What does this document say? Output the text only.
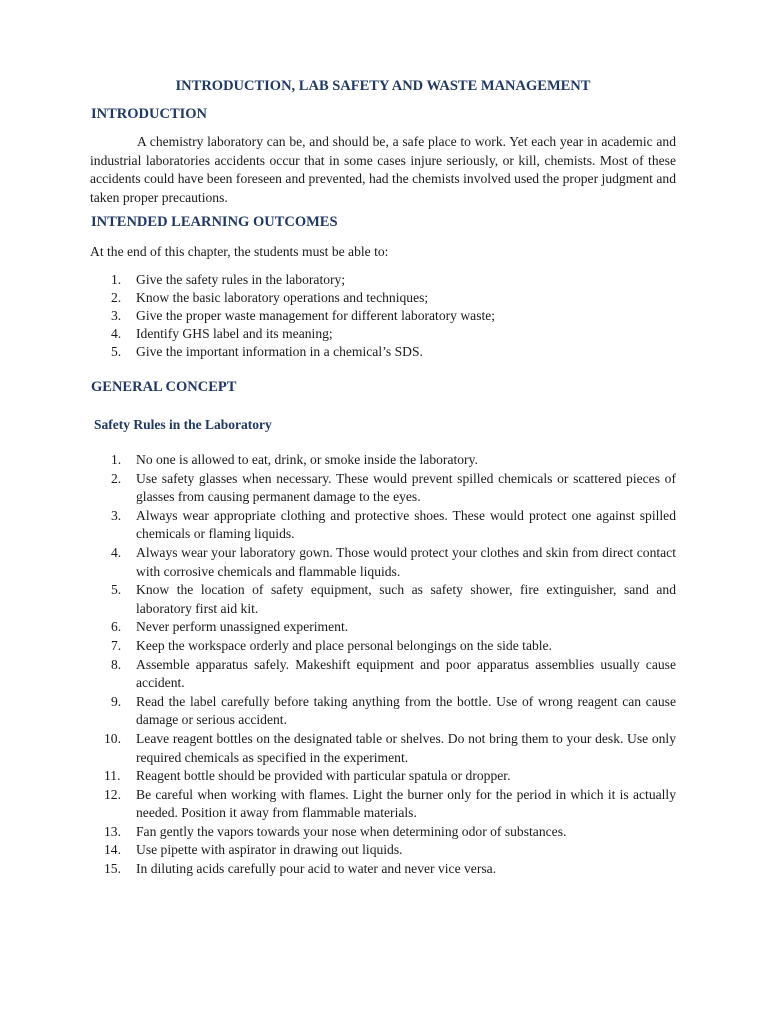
INTRODUCTION, LAB SAFETY AND WASTE MANAGEMENT
INTRODUCTION
A chemistry laboratory can be, and should be, a safe place to work. Yet each year in academic and industrial laboratories accidents occur that in some cases injure seriously, or kill, chemists. Most of these accidents could have been foreseen and prevented, had the chemists involved used the proper judgment and taken proper precautions.
INTENDED LEARNING OUTCOMES
At the end of this chapter, the students must be able to:
1. Give the safety rules in the laboratory;
2. Know the basic laboratory operations and techniques;
3. Give the proper waste management for different laboratory waste;
4. Identify GHS label and its meaning;
5. Give the important information in a chemical’s SDS.
GENERAL CONCEPT
Safety Rules in the Laboratory
1. No one is allowed to eat, drink, or smoke inside the laboratory.
2. Use safety glasses when necessary. These would prevent spilled chemicals or scattered pieces of glasses from causing permanent damage to the eyes.
3. Always wear appropriate clothing and protective shoes. These would protect one against spilled chemicals or flaming liquids.
4. Always wear your laboratory gown. Those would protect your clothes and skin from direct contact with corrosive chemicals and flammable liquids.
5. Know the location of safety equipment, such as safety shower, fire extinguisher, sand and laboratory first aid kit.
6. Never perform unassigned experiment.
7. Keep the workspace orderly and place personal belongings on the side table.
8. Assemble apparatus safely. Makeshift equipment and poor apparatus assemblies usually cause accident.
9. Read the label carefully before taking anything from the bottle. Use of wrong reagent can cause damage or serious accident.
10. Leave reagent bottles on the designated table or shelves. Do not bring them to your desk. Use only required chemicals as specified in the experiment.
11. Reagent bottle should be provided with particular spatula or dropper.
12. Be careful when working with flames. Light the burner only for the period in which it is actually needed. Position it away from flammable materials.
13. Fan gently the vapors towards your nose when determining odor of substances.
14. Use pipette with aspirator in drawing out liquids.
15. In diluting acids carefully pour acid to water and never vice versa.
